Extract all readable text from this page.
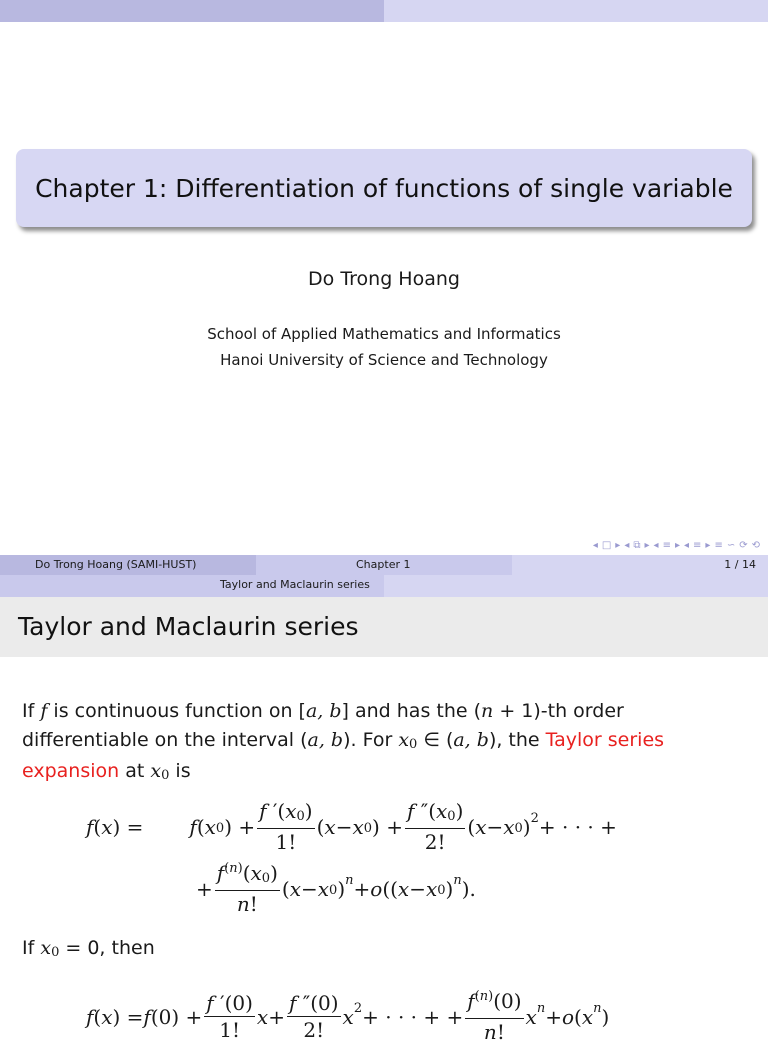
Chapter 1: Differentiation of functions of single variable
Do Trong Hoang
School of Applied Mathematics and Informatics
Hanoi University of Science and Technology
◂ □ ▸ ◂ ⧉ ▸ ◂ ≡ ▸ ◂ ≡ ▸ ≡ ∽ ⟳ ⟲
Do Trong Hoang (SAMI-HUST)	Chapter 1	1 / 14
Taylor and Maclaurin series
Taylor and Maclaurin series
If f is continuous function on [a, b] and has the (n + 1)-th order
differentiable on the interval (a, b). For $x_0$ ∈ (a, b), the Taylor series
expansion at $x_0$ is
f ( x ) = f ( $x_0$ ) + $\frac{f '(x_0)}{1!}$ ( $x - x_0$ ) + $\frac{f ''(x_0)}{2!}$ ( $x - x_0$ )$^2$ + · · · +
+ $\frac{f^{(n)}(x_0)}{n!}$ ( $x - x_0$ ) $^n$ + o (( $x - x_0$ ) $^n$ ).
If $x_0 = 0$, then
f ( x ) = f $(0) + \frac{f '(0)}{1!}$ $x + \frac{f ''(0)}{2!} x^2$ + · · · + + $\frac{f^{(n)}(0)}{n!}$ x $^n$ + o ( x $^n$ )
